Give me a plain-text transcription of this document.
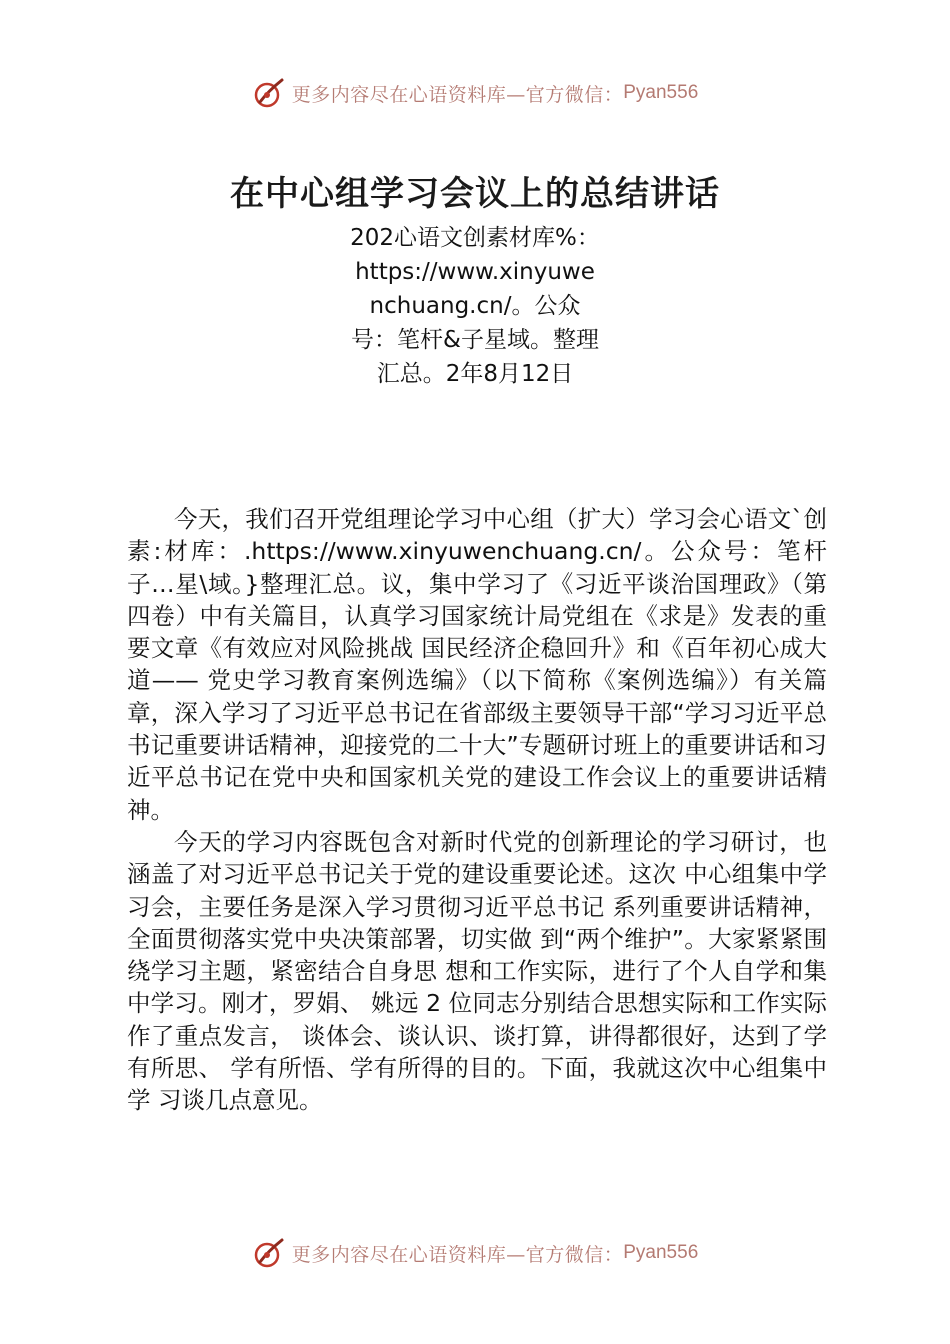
更多内容尽在心语资料库—官方微信： Pyan556
在中心组学习会议上的总结讲话
202心语文创素材库%：https://www.xinyuwenchuang.cn/。公众号：笔杆&子星域。整理汇总。2年8月12日

今天，我们召开党组理论学习中心组（扩大）学习会心语文`创素:材库：.https://www.xinyuwenchuang.cn/。公众号：笔杆子…星\域。}整理汇总。议，集中学习了《习近平谈治国理政》（第四卷）中有关篇目，认真学习国家统计局党组在《求是》发表的重要文章《有效应对风险挑战 国民经济企稳回升》和《百年初心成大道—— 党史学习教育案例选编》（以下简称《案例选编》）有关篇章，深入学习了习近平总书记在省部级主要领导干部“学习习近平总书记重要讲话精神，迎接党的二十大”专题研讨班上的重要讲话和习近平总书记在党中央和国家机关党的建设工作会议上的重要讲话精神。

今天的学习内容既包含对新时代党的创新理论的学习研讨，也涵盖了对习近平总书记关于党的建设重要论述。这次 中心组集中学习会，主要任务是深入学习贯彻习近平总书记 系列重要讲话精神，全面贯彻落实党中央决策部署，切实做 到“两个维护”。大家紧紧围绕学习主题，紧密结合自身思 想和工作实际，进行了个人自学和集中学习。刚才，罗娟、 姚远 2 位同志分别结合思想实际和工作实际作了重点发言， 谈体会、谈认识、谈打算，讲得都很好，达到了学有所思、 学有所悟、学有所得的目的。下面，我就这次中心组集中学 习谈几点意见。

更多内容尽在心语资料库—官方微信： Pyan556
